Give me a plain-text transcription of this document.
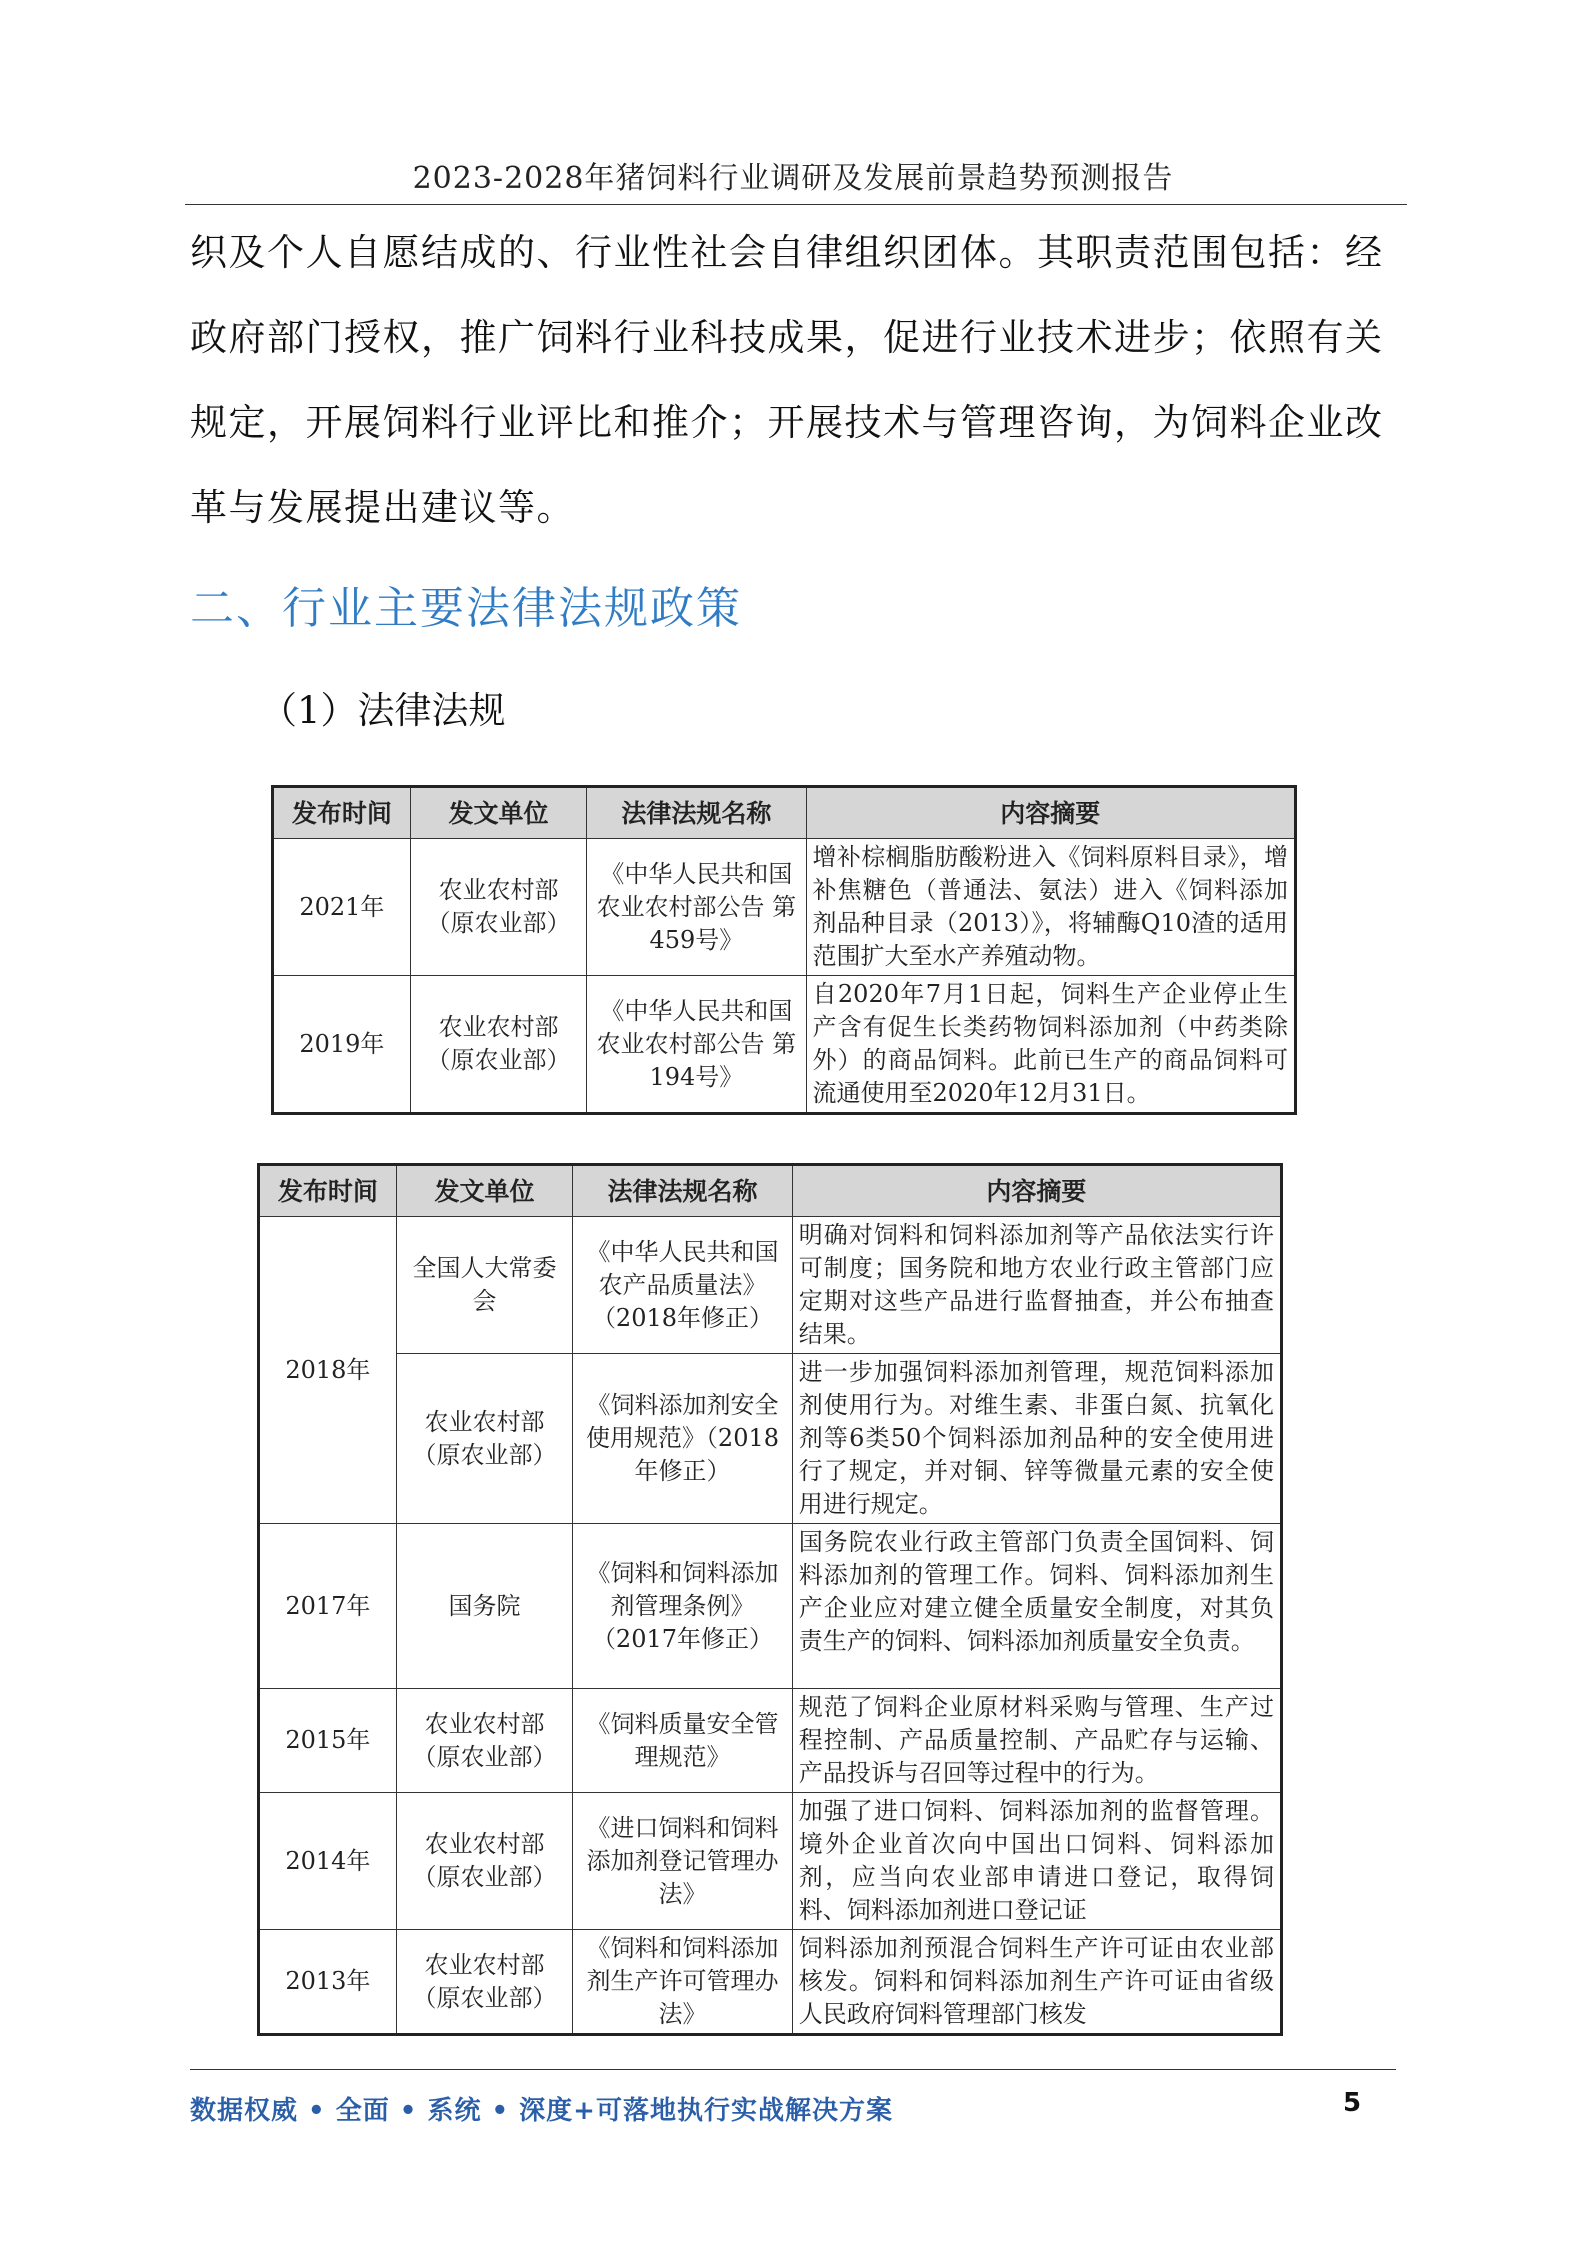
2023-2028年猪饲料行业调研及发展前景趋势预测报告
织及个人自愿结成的、行业性社会自律组织团体。其职责范围包括：经政府部门授权，推广饲料行业科技成果，促进行业技术进步；依照有关规定，开展饲料行业评比和推介；开展技术与管理咨询，为饲料企业改革与发展提出建议等。
二、行业主要法律法规政策
（1）法律法规
发布时间	发文单位	法律法规名称	内容摘要
2021年	农业农村部（原农业部）	《中华人民共和国农业农村部公告 第459号》	增补棕榈脂肪酸粉进入《饲料原料目录》，增补焦糖色（普通法、氨法）进入《饲料添加剂品种目录（2013）》，将辅酶Q10渣的适用范围扩大至水产养殖动物。
2019年	农业农村部（原农业部）	《中华人民共和国农业农村部公告 第194号》	自2020年7月1日起，饲料生产企业停止生产含有促生长类药物饲料添加剂（中药类除外）的商品饲料。此前已生产的商品饲料可流通使用至2020年12月31日。
发布时间	发文单位	法律法规名称	内容摘要
2018年	全国人大常委会	《中华人民共和国农产品质量法》（2018年修正）	明确对饲料和饲料添加剂等产品依法实行许可制度；国务院和地方农业行政主管部门应定期对这些产品进行监督抽查，并公布抽查结果。
	农业农村部（原农业部）	《饲料添加剂安全使用规范》（2018年修正）	进一步加强饲料添加剂管理，规范饲料添加剂使用行为。对维生素、非蛋白氮、抗氧化剂等6类50个饲料添加剂品种的安全使用进行了规定，并对铜、锌等微量元素的安全使用进行规定。
2017年	国务院	《饲料和饲料添加剂管理条例》（2017年修正）	国务院农业行政主管部门负责全国饲料、饲料添加剂的管理工作。饲料、饲料添加剂生产企业应对建立健全质量安全制度，对其负责生产的饲料、饲料添加剂质量安全负责。
2015年	农业农村部（原农业部）	《饲料质量安全管理规范》	规范了饲料企业原材料采购与管理、生产过程控制、产品质量控制、产品贮存与运输、产品投诉与召回等过程中的行为。
2014年	农业农村部（原农业部）	《进口饲料和饲料添加剂登记管理办法》	加强了进口饲料、饲料添加剂的监督管理。境外企业首次向中国出口饲料、饲料添加剂，应当向农业部申请进口登记，取得饲料、饲料添加剂进口登记证
2013年	农业农村部（原农业部）	《饲料和饲料添加剂生产许可管理办法》	饲料添加剂预混合饲料生产许可证由农业部核发。饲料和饲料添加剂生产许可证由省级人民政府饲料管理部门核发
数据权威 • 全面 • 系统 • 深度+可落地执行实战解决方案	5
